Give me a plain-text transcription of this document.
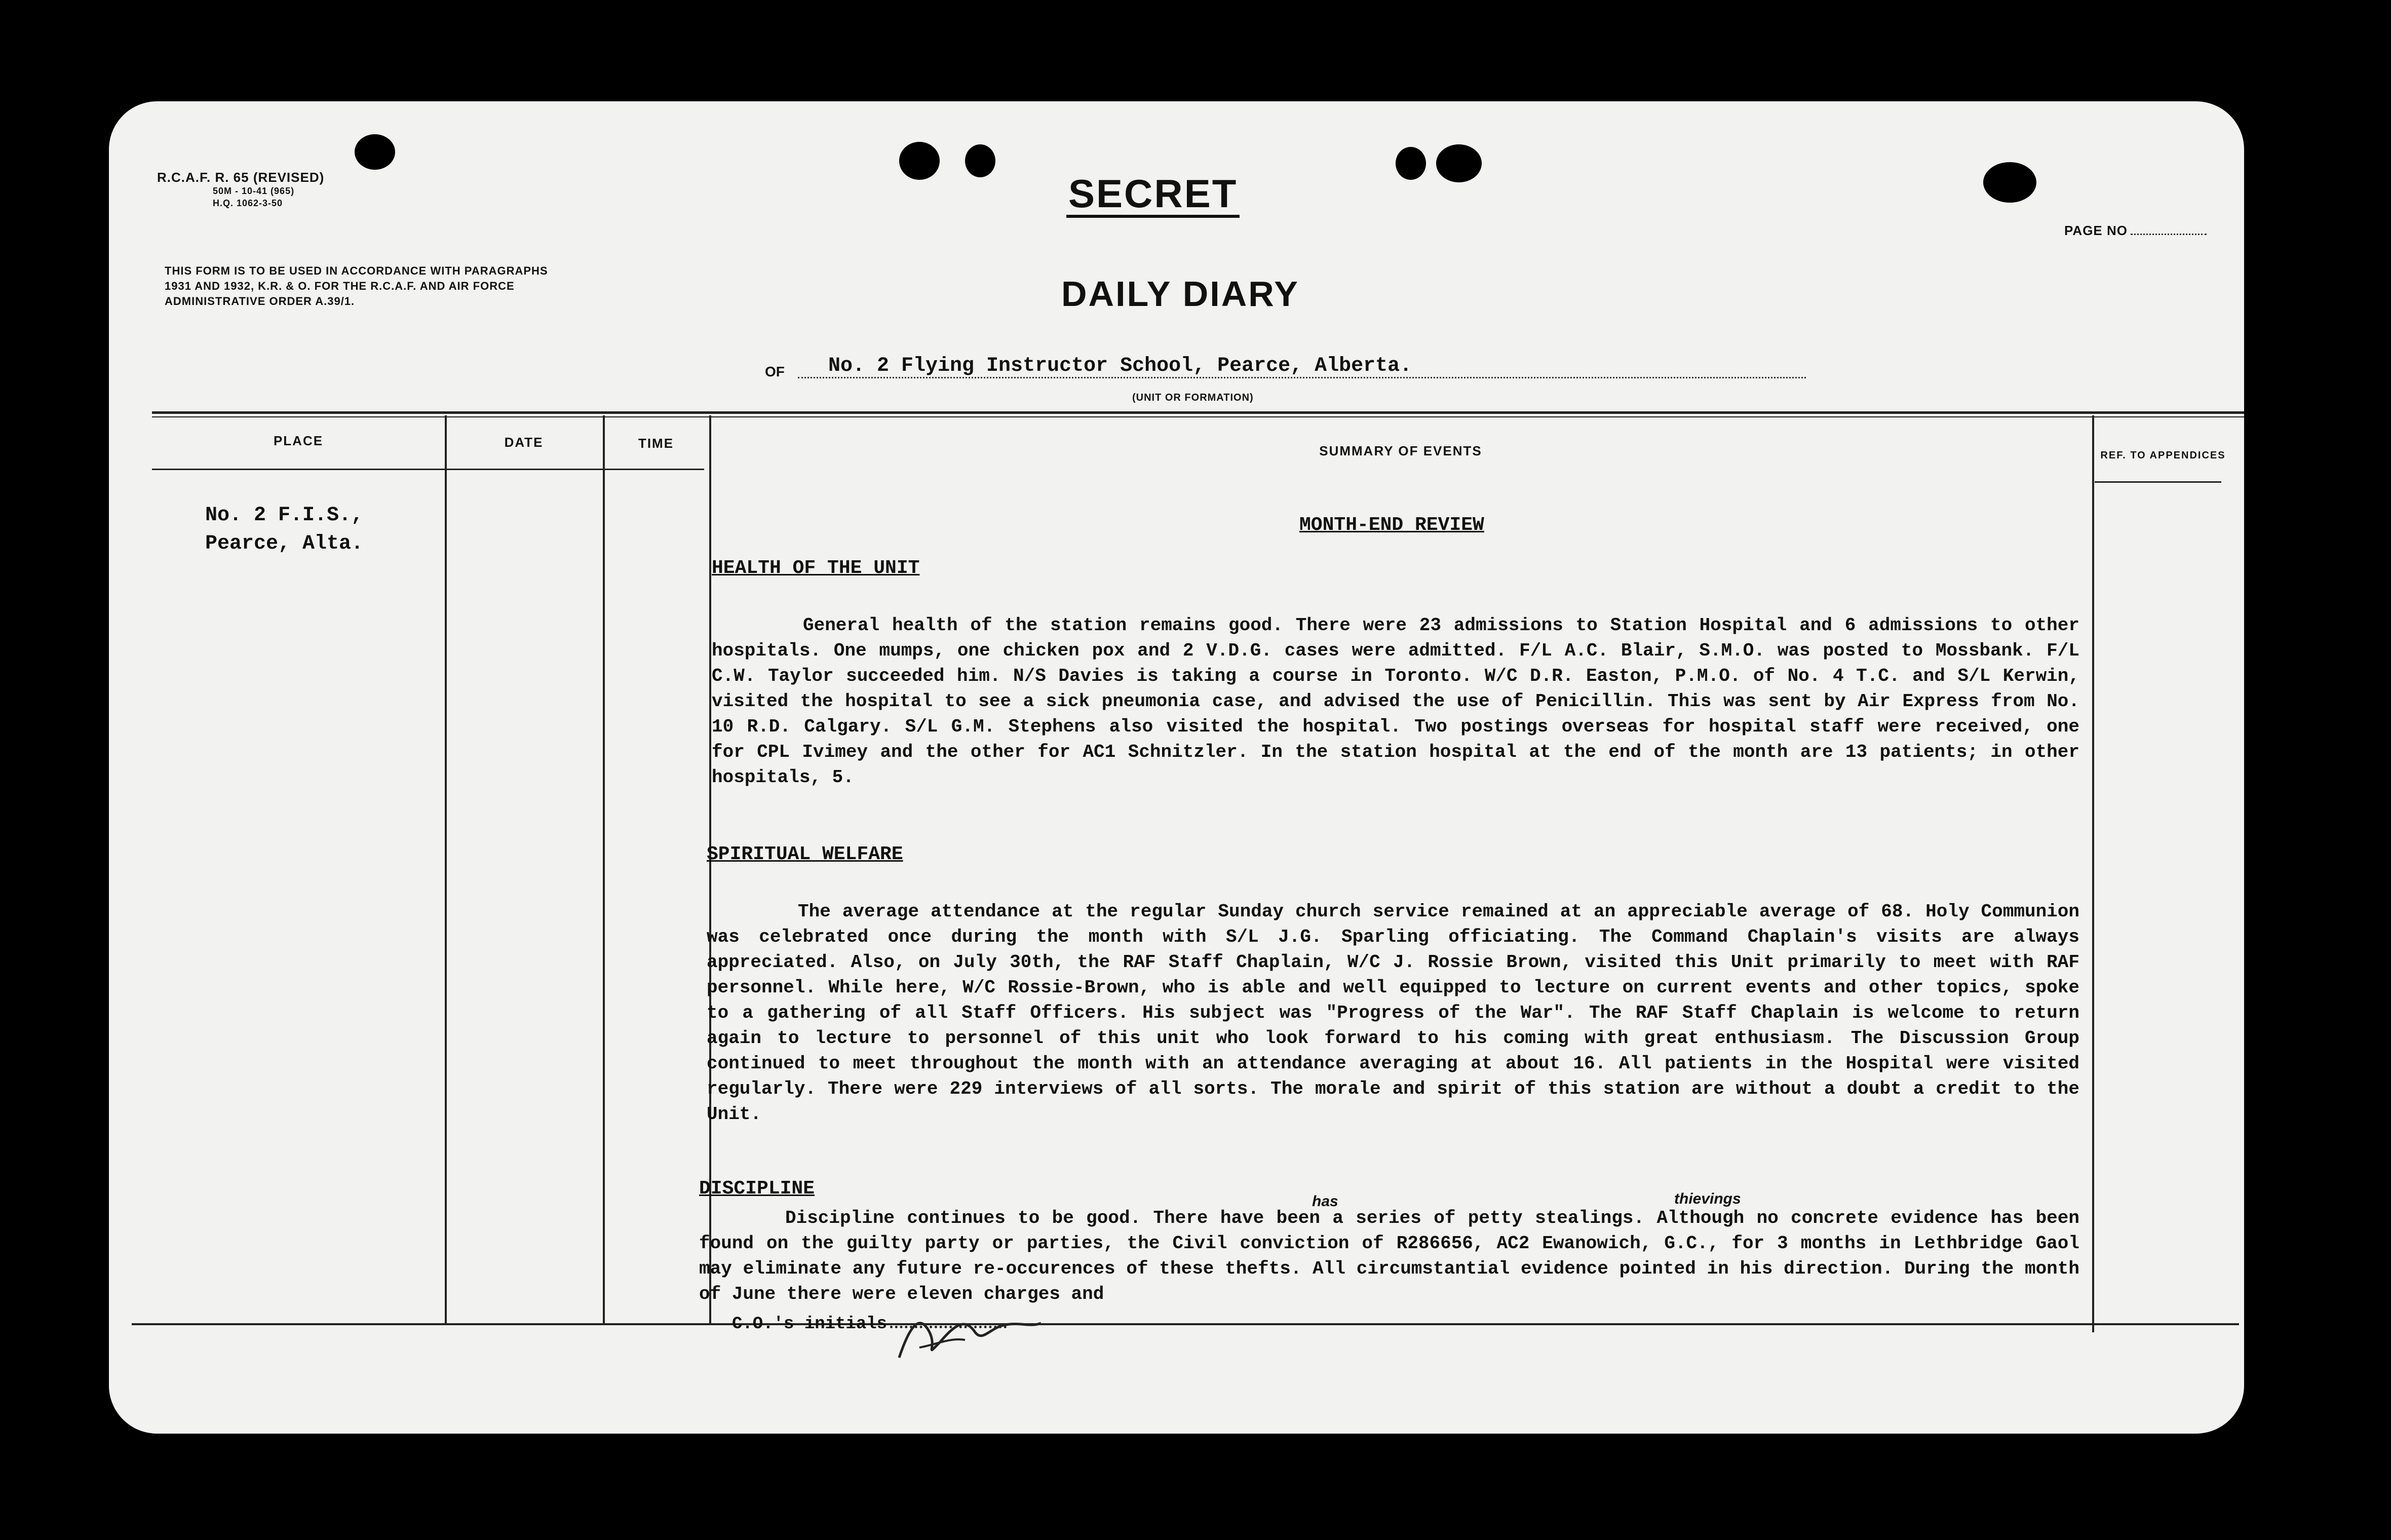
R.C.A.F. R. 65 (REVISED)
50M - 10-41 (965)
H.Q. 1062-3-50	SECRET
PAGE NO
THIS FORM IS TO BE USED IN ACCORDANCE WITH PARAGRAPHS 1931 AND 1932, K.R. & O. FOR THE R.C.A.F. AND AIR FORCE ADMINISTRATIVE ORDER A.39/1.	DAILY DIARY
OF	No. 2 Flying Instructor School, Pearce, Alberta.
(UNIT OR FORMATION)
PLACE	DATE	TIME	SUMMARY OF EVENTS	REF. TO APPENDICES
No. 2 F.I.S.,
Pearce, Alta.
MONTH-END REVIEW
HEALTH OF THE UNIT
General health of the station remains good. There were 23 admissions to Station Hospital and 6 admissions to other hospitals. One mumps, one chicken pox and 2 V.D.G. cases were admitted. F/L A.C. Blair, S.M.O. was posted to Mossbank. F/L C.W. Taylor succeeded him. N/S Davies is taking a course in Toronto. W/C D.R. Easton, P.M.O. of No. 4 T.C. and S/L Kerwin, visited the hospital to see a sick pneumonia case, and advised the use of Penicillin. This was sent by Air Express from No. 10 R.D. Calgary. S/L G.M. Stephens also visited the hospital. Two postings overseas for hospital staff were received, one for CPL Ivimey and the other for AC1 Schnitzler. In the station hospital at the end of the month are 13 patients; in other hospitals, 5.
SPIRITUAL WELFARE
The average attendance at the regular Sunday church service remained at an appreciable average of 68. Holy Communion was celebrated once during the month with S/L J.G. Sparling officiating. The Command Chaplain's visits are always appreciated. Also, on July 30th, the RAF Staff Chaplain, W/C J. Rossie Brown, visited this Unit primarily to meet with RAF personnel. While here, W/C Rossie-Brown, who is able and well equipped to lecture on current events and other topics, spoke to a gathering of all Staff Officers. His subject was "Progress of the War". The RAF Staff Chaplain is welcome to return again to lecture to personnel of this unit who look forward to his coming with great enthusiasm. The Discussion Group continued to meet throughout the month with an attendance averaging at about 16. All patients in the Hospital were visited regularly. There were 229 interviews of all sorts. The morale and spirit of this station are without a doubt a credit to the Unit.
DISCIPLINE
Discipline continues to be good. There have been a series of petty stealings. Although no concrete evidence has been found on the guilty party or parties, the Civil conviction of R286656, AC2 Ewanowich, G.C., for 3 months in Lethbridge Gaol may eliminate any future re-occurences of these thefts. All circumstantial evidence pointed in his direction. During the month of June there were eleven charges and
has	thievings
C.O.'s initials
